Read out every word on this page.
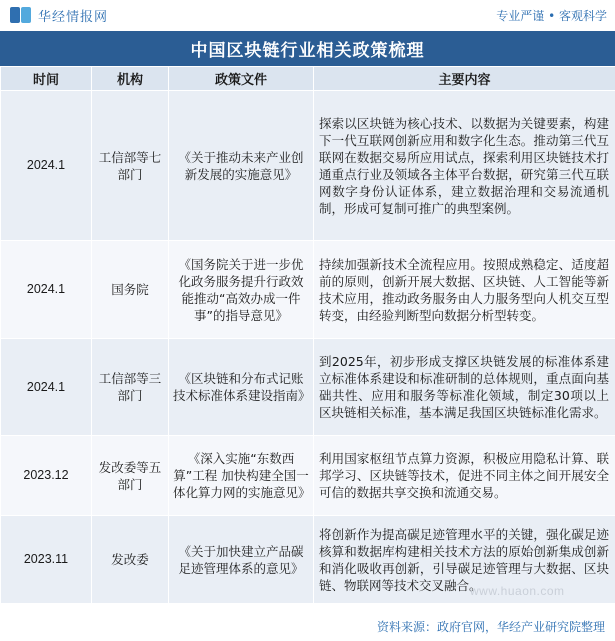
华经情报网	专业严谨 • 客观科学
中国区块链行业相关政策梳理
时间	机构	政策文件	主要内容
2024.1	工信部等七部门	《关于推动未来产业创新发展的实施意见》	探索以区块链为核心技术、以数据为关键要素，构建下一代互联网创新应用和数字化生态。推动第三代互联网在数据交易所应用试点，探索利用区块链技术打通重点行业及领域各主体平台数据，研究第三代互联网数字身份认证体系，建立数据治理和交易流通机制，形成可复制可推广的典型案例。
2024.1	国务院	《国务院关于进一步优化政务服务提升行政效能推动“高效办成一件事”的指导意见》	持续加强新技术全流程应用。按照成熟稳定、适度超前的原则，创新开展大数据、区块链、人工智能等新技术应用，推动政务服务由人力服务型向人机交互型转变，由经验判断型向数据分析型转变。
2024.1	工信部等三部门	《区块链和分布式记账技术标准体系建设指南》	到2025年，初步形成支撑区块链发展的标准体系建立标准体系建设和标准研制的总体规则，重点面向基础共性、应用和服务等标准化领域，制定30项以上区块链相关标准，基本满足我国区块链标准化需求。
2023.12	发改委等五部门	《深入实施“东数西算”工程 加快构建全国一体化算力网的实施意见》	利用国家枢纽节点算力资源，积极应用隐私计算、联邦学习、区块链等技术，促进不同主体之间开展安全可信的数据共享交换和流通交易。
2023.11	发改委	《关于加快建立产品碳足迹管理体系的意见》	将创新作为提高碳足迹管理水平的关键，强化碳足迹核算和数据库构建相关技术方法的原始创新集成创新和消化吸收再创新，引导碳足迹管理与大数据、区块链、物联网等技术交叉融合。
www.huaon.com
资料来源：政府官网，华经产业研究院整理
